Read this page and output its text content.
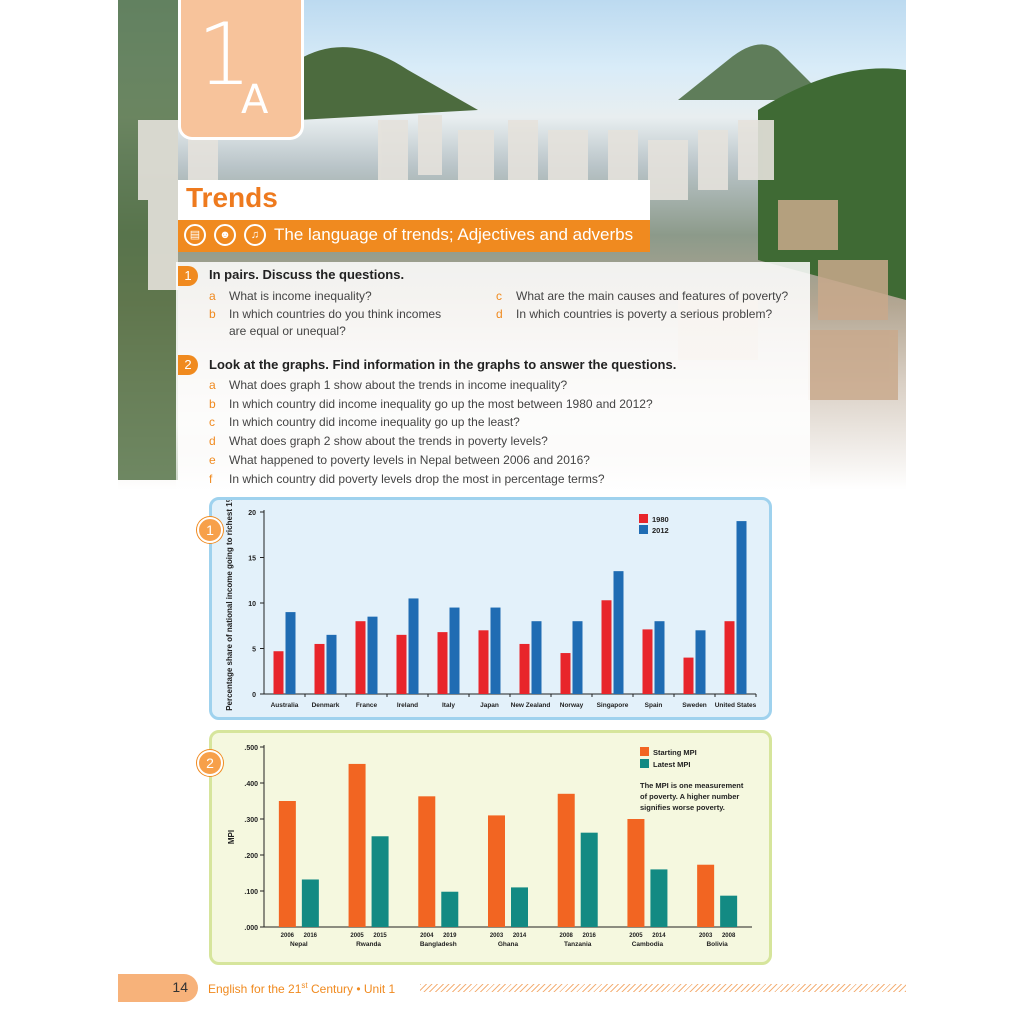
1
A
Trends
▤	☻	♫ The language of trends; Adjectives and adverbs
1	In pairs. Discuss the questions.
a What is income inequality?
b In which countries do you think incomes
are equal or unequal?
c What are the main causes and features of poverty?
d In which countries is poverty a serious problem?
2	Look at the graphs. Find information in the graphs to answer the questions.
a What does graph 1 show about the trends in income inequality?
b In which country did income inequality go up the most between 1980 and 2012?
c In which country did income inequality go up the least?
d What does graph 2 show about the trends in poverty levels?
e What happened to poverty levels in Nepal between 2006 and 2016?
f In which country did poverty levels drop the most in percentage terms?
0
5
10
15
20
Percentage share of national income going to richest 1%	Australia Denmark	France	Ireland	Italy	Japan New Zealand Norway Singapore	Spain	Sweden United States
1980
2012
1
.000
.100
.200
.300
.400
.500
MPI
2006 2016
Nepal
2005 2015
Rwanda
2004 2019
Bangladesh
2003 2014
Ghana
2008 2016
Tanzania
2005 2014
Cambodia
2003 2008
Bolivia
Starting MPI
Latest MPI
The MPI is one measurement
of poverty. A higher number
signifies worse poverty.
2
14 English for the 21st Century • Unit 1
